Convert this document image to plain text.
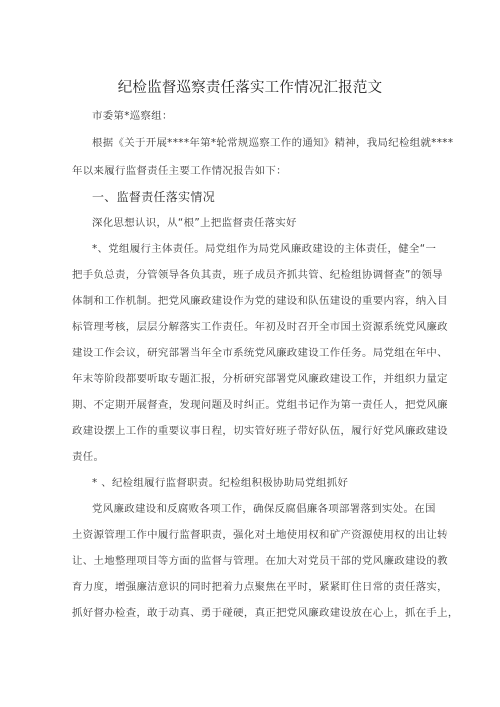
纪检监督巡察责任落实工作情况汇报范文
市委第*巡察组：
根据《关于开展****年第*轮常规巡察工作的通知》精神，我局纪检组就****
年以来履行监督责任主要工作情况报告如下：
一、监督责任落实情况
深化思想认识，从“根”上把监督责任落实好
*、党组履行主体责任。局党组作为局党风廉政建设的主体责任，健全“一
把手负总责，分管领导各负其责，班子成员齐抓共管、纪检组协调督查”的领导
体制和工作机制。把党风廉政建设作为党的建设和队伍建设的重要内容，纳入目
标管理考核，层层分解落实工作责任。年初及时召开全市国土资源系统党风廉政
建设工作会议，研究部署当年全市系统党风廉政建设工作任务。局党组在年中、
年末等阶段都要听取专题汇报，分析研究部署党风廉政建设工作，并组织力量定
期、不定期开展督查，发现问题及时纠正。党组书记作为第一责任人，把党风廉
政建设摆上工作的重要议事日程，切实管好班子带好队伍，履行好党风廉政建设
责任。
* 、纪检组履行监督职责。纪检组积极协助局党组抓好
党风廉政建设和反腐败各项工作，确保反腐倡廉各项部署落到实处。在国
土资源管理工作中履行监督职责，强化对土地使用权和矿产资源使用权的出让转
让、土地整理项目等方面的监督与管理。在加大对党员干部的党风廉政建设的教
育力度，增强廉洁意识的同时把着力点聚焦在平时，紧紧盯住日常的责任落实，
抓好督办检查，敢于动真、勇于碰硬，真正把党风廉政建设放在心上，抓在手上，
